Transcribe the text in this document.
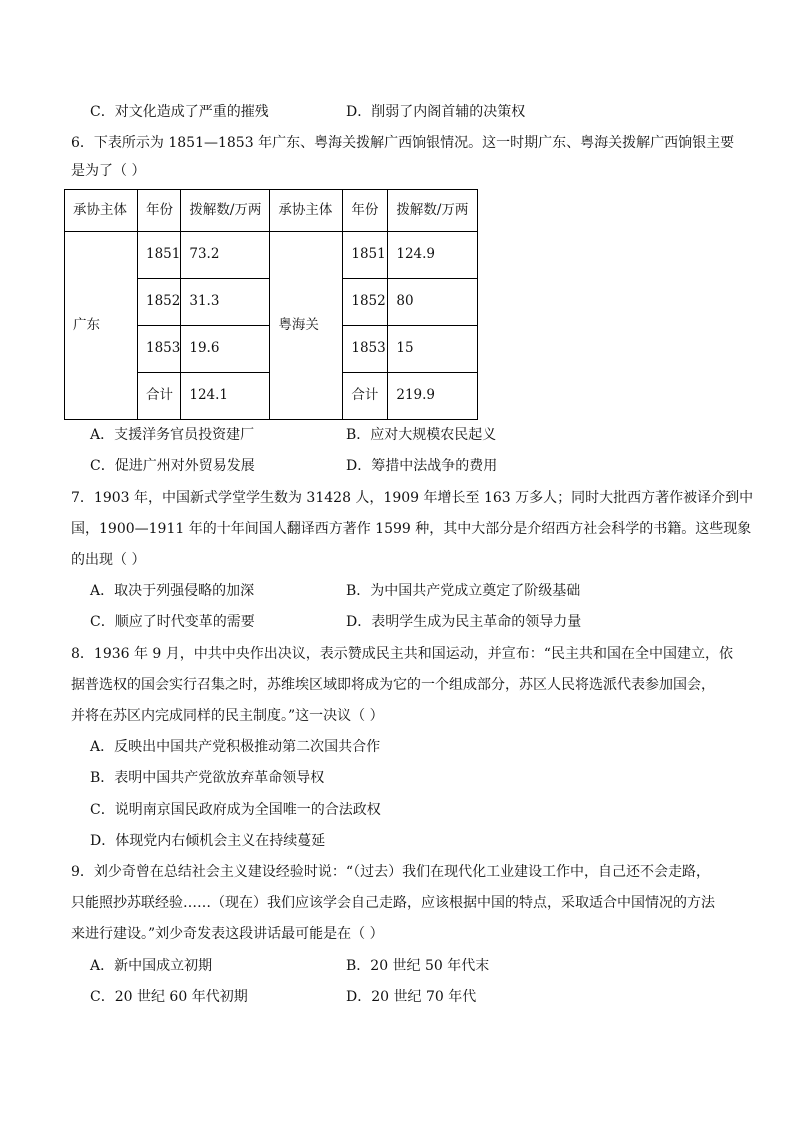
C．对文化造成了严重的摧残	D．削弱了内阁首辅的决策权
6．下表所示为 1851—1853 年广东、粤海关拨解广西饷银情况。这一时期广东、粤海关拨解广西饷银主要
是为了（ ）
承协主体	年份	拨解数/万两	承协主体	年份	拨解数/万两
广东	1851	73.2	粤海关	1851	124.9
	1852	31.3		1852	80
	1853	19.6		1853	15
	合计	124.1		合计	219.9
A．支援洋务官员投资建厂	B．应对大规模农民起义
C．促进广州对外贸易发展	D．筹措中法战争的费用
7．1903 年，中国新式学堂学生数为 31428 人，1909 年增长至 163 万多人；同时大批西方著作被译介到中
国，1900—1911 年的十年间国人翻译西方著作 1599 种，其中大部分是介绍西方社会科学的书籍。这些现象
的出现（ ）
A．取决于列强侵略的加深	B．为中国共产党成立奠定了阶级基础
C．顺应了时代变革的需要	D．表明学生成为民主革命的领导力量
8．1936 年 9 月，中共中央作出决议，表示赞成民主共和国运动，并宣布：“民主共和国在全中国建立，依
据普选权的国会实行召集之时，苏维埃区域即将成为它的一个组成部分，苏区人民将选派代表参加国会，
并将在苏区内完成同样的民主制度。”这一决议（ ）
A．反映出中国共产党积极推动第二次国共合作
B．表明中国共产党欲放弃革命领导权
C．说明南京国民政府成为全国唯一的合法政权
D．体现党内右倾机会主义在持续蔓延
9．刘少奇曾在总结社会主义建设经验时说：“（过去）我们在现代化工业建设工作中，自己还不会走路，
只能照抄苏联经验……（现在）我们应该学会自己走路，应该根据中国的特点，采取适合中国情况的方法
来进行建设。”刘少奇发表这段讲话最可能是在（ ）
A．新中国成立初期	B．20 世纪 50 年代末
C．20 世纪 60 年代初期	D．20 世纪 70 年代
